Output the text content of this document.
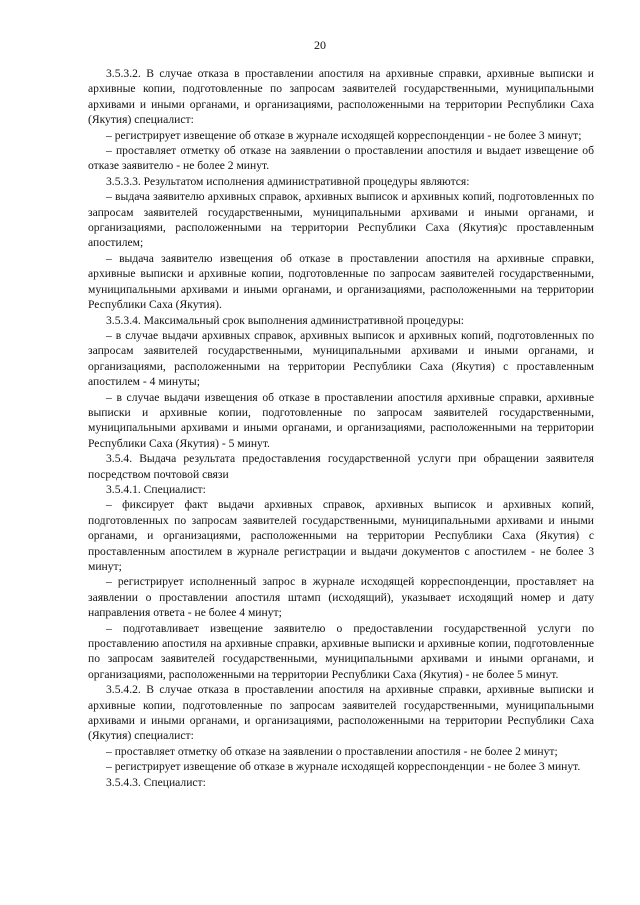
20

3.5.3.2. В случае отказа в проставлении апостиля на архивные справки, архивные выписки и архивные копии, подготовленные по запросам заявителей государственными, муниципальными архивами и иными органами, и организациями, расположенными на территории Республики Саха (Якутия) специалист:

– регистрирует извещение об отказе в журнале исходящей корреспонденции - не более 3 минут;

– проставляет отметку об отказе на заявлении о проставлении апостиля и выдает извещение об отказе заявителю - не более 2 минут.

3.5.3.3. Результатом исполнения административной процедуры являются:

– выдача заявителю архивных справок, архивных выписок и архивных копий, подготовленных по запросам заявителей государственными, муниципальными архивами и иными органами, и организациями, расположенными на территории Республики Саха (Якутия)с проставленным апостилем;

– выдача заявителю извещения об отказе в проставлении апостиля на архивные справки, архивные выписки и архивные копии, подготовленные по запросам заявителей государственными, муниципальными архивами и иными органами, и организациями, расположенными на территории Республики Саха (Якутия).

3.5.3.4. Максимальный срок выполнения административной процедуры:

– в случае выдачи архивных справок, архивных выписок и архивных копий, подготовленных по запросам заявителей государственными, муниципальными архивами и иными органами, и организациями, расположенными на территории Республики Саха (Якутия) с проставленным апостилем - 4 минуты;

– в случае выдачи извещения об отказе в проставлении апостиля архивные справки, архивные выписки и архивные копии, подготовленные по запросам заявителей государственными, муниципальными архивами и иными органами, и организациями, расположенными на территории Республики Саха (Якутия) - 5 минут.

3.5.4. Выдача результата предоставления государственной услуги при обращении заявителя посредством почтовой связи

3.5.4.1. Специалист:

– фиксирует факт выдачи архивных справок, архивных выписок и архивных копий, подготовленных по запросам заявителей государственными, муниципальными архивами и иными органами, и организациями, расположенными на территории Республики Саха (Якутия) с проставленным апостилем в журнале регистрации и выдачи документов с апостилем - не более 3 минут;

– регистрирует исполненный запрос в журнале исходящей корреспонденции, проставляет на заявлении о проставлении апостиля штамп (исходящий), указывает исходящий номер и дату направления ответа - не более 4 минут;

– подготавливает извещение заявителю о предоставлении государственной услуги по проставлению апостиля на архивные справки, архивные выписки и архивные копии, подготовленные по запросам заявителей государственными, муниципальными архивами и иными органами, и организациями, расположенными на территории Республики Саха (Якутия) - не более 5 минут.

3.5.4.2. В случае отказа в проставлении апостиля на архивные справки, архивные выписки и архивные копии, подготовленные по запросам заявителей государственными, муниципальными архивами и иными органами, и организациями, расположенными на территории Республики Саха (Якутия) специалист:

– проставляет отметку об отказе на заявлении о проставлении апостиля - не более 2 минут;

– регистрирует извещение об отказе в журнале исходящей корреспонденции - не более 3 минут.

3.5.4.3. Специалист:
